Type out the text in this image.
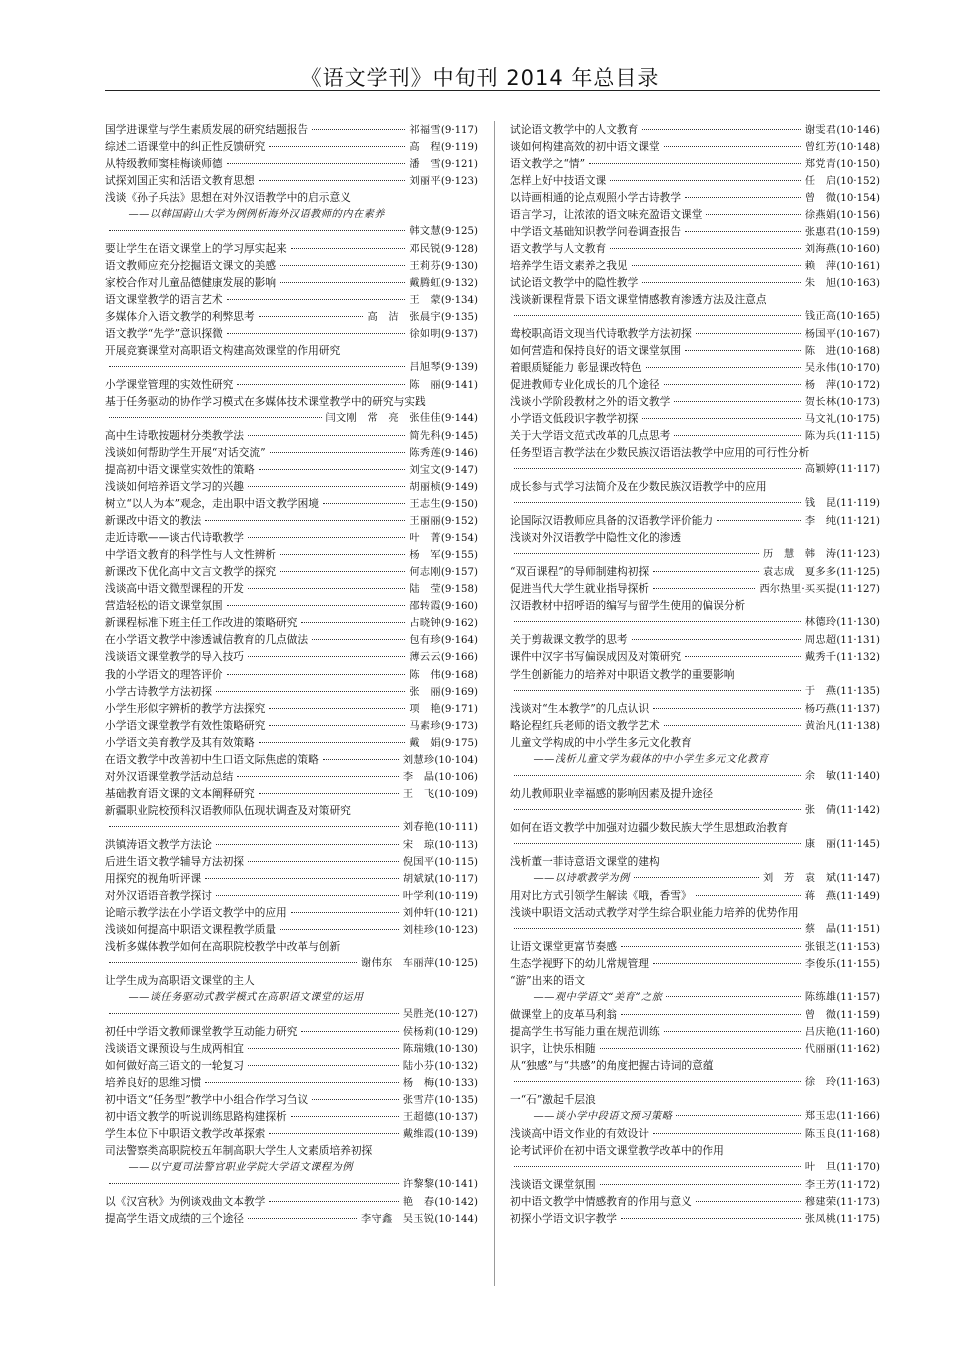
《语文学刊》中旬刊 2014 年总目录
国学进课堂与学生素质发展的研究结题报告	祁福雪 (9·117)
综述二语课堂中的纠正性反馈研究	高　程 (9·119)
从特级教师窦桂梅谈师德	潘　雪 (9·121)
试探刘国正实和活语文教育思想	刘丽平 (9·123)
浅谈《孙子兵法》思想在对外汉语教学中的启示意义
——以韩国蔚山大学为例例析海外汉语教师的内在素养
韩文慧 (9·125)
要让学生在语文课堂上的学习厚实起来	邓民锐 (9·128)
语文教师应充分挖掘语文课文的美感	王莉芬 (9·130)
家校合作对儿童品德健康发展的影响	戴腾虹 (9·132)
语文课堂教学的语言艺术	王　蒙 (9·134)
多媒体介入语文教学的利弊思考	高　洁　张晨宇 (9·135)
语文教学“先学”意识探微	徐如明 (9·137)
开展竞赛课堂对高职语文构建高效课堂的作用研究
吕旭琴 (9·139)
小学课堂管理的实效性研究	陈　丽 (9·141)
基于任务驱动的协作学习模式在多媒体技术课堂教学中的研究与实践
闫文刚　常　亮　张佳佳 (9·144)
高中生诗歌按题材分类教学法	简先科 (9·145)
浅谈如何帮助学生开展“对话交流”	陈秀莲 (9·146)
提高初中语文课堂实效性的策略	刘宝文 (9·147)
浅谈如何培养语文学习的兴趣	胡丽桢 (9·149)
树立“以人为本”观念，走出职中语文教学困境	王志生 (9·150)
新课改中语文的教法	王丽丽 (9·152)
走近诗歌——谈古代诗歌教学	叶　菁 (9·154)
中学语文教育的科学性与人文性辨析	杨　军 (9·155)
新课改下优化高中文言文教学的探究	何志刚 (9·157)
浅谈高中语文微型课程的开发	陆　莹 (9·158)
营造轻松的语文课堂氛围	邵转霞 (9·160)
新课程标准下班主任工作改进的策略研究	占晓钟 (9·162)
在小学语文教学中渗透诚信教育的几点做法	包有珍 (9·164)
浅谈语文课堂教学的导入技巧	薄云云 (9·166)
我的小学语文的理答评价	陈　伟 (9·168)
小学古诗教学方法初探	张　丽 (9·169)
小学生形似字辨析的教学方法探究	项　艳 (9·171)
小学语文课堂教学有效性策略研究	马素珍 (9·173)
小学语文美育教学及其有效策略	戴　娟 (9·175)
在语文教学中改善初中生口语文际焦虑的策略	刘慧珍 (10·104)
对外汉语课堂教学活动总结	李　晶 (10·106)
基础教育语文课的文本阐释研究	王　飞 (10·109)
新疆职业院校预科汉语教师队伍现状调查及对策研究
刘春艳 (10·111)
洪镇涛语文教学方法论	宋　琼 (10·113)
后进生语文教学辅导方法初探	倪国平 (10·115)
用探究的视角听评课	胡斌斌 (10·117)
对外汉语语音教学探讨	叶学利 (10·119)
论暗示教学法在小学语文教学中的应用	刘仲轩 (10·121)
浅谈如何提高中职语文课程教学质量	刘桂珍 (10·123)
浅析多媒体教学如何在高职院校教学中改革与创新
谢伟东　车丽萍 (10·125)
让学生成为高职语文课堂的主人
——谈任务驱动式教学模式在高职语文课堂的运用
吴胜尧 (10·127)
初任中学语文教师课堂教学互动能力研究	侯杨莉 (10·129)
浅谈语文课预设与生成两相宜	陈瑞娥 (10·130)
如何做好高三语文的一轮复习	陆小芬 (10·132)
培养良好的思维习惯	杨　梅 (10·133)
初中语文“任务型”教学中小组合作学习刍议	张雪芹 (10·135)
初中语文教学的听说训练思路构建探析	王超德 (10·137)
学生本位下中职语文教学改革探索	戴维霞 (10·139)
司法警察类高职院校五年制高职大学生人文素质培养初探
——以宁夏司法警官职业学院大学语文课程为例
许黎黎 (10·141)
以《汉宫秋》为例谈戏曲文本教学	艳　春 (10·142)
提高学生语文成绩的三个途径	李守鑫　吴玉锐 (10·144)
试论语文教学中的人文教育	谢雯君 (10·146)
谈如何构建高效的初中语文课堂	曾红芳 (10·148)
语文教学之“情”	郑党青 (10·150)
怎样上好中技语文课	任　启 (10·152)
以诗画相通的论点观照小学古诗教学	曾　微 (10·154)
语言学习，让浓浓的语文味充盈语文课堂	徐燕娟 (10·156)
中学语文基础知识教学问卷调查报告	张惠君 (10·159)
语文教学与人文教育	刘海燕 (10·160)
培养学生语文素养之我见	赖　萍 (10·161)
试论语文教学中的隐性教学	朱　旭 (10·163)
浅谈新课程背景下语文课堂情感教育渗透方法及注意点
钱正高 (10·165)
鸯校职高语文现当代诗歌教学方法初探	杨国平 (10·167)
如何营造和保持良好的语文课堂氛围	陈　进 (10·168)
着眼质疑能力 彰显课改特色	吴永伟 (10·170)
促进教师专业化成长的几个途径	杨　萍 (10·172)
浅谈小学阶段教材之外的语文教学	贺长林 (10·173)
小学语文低段识字教学初探	马文礼 (10·175)
关于大学语文范式改革的几点思考	陈为兵 (11·115)
任务型语言教学法在少数民族汉语语法教学中应用的可行性分析
高颖婷 (11·117)
成长参与式学习法简介及在少数民族汉语教学中的应用
钱　昆 (11·119)
论国际汉语教师应具备的汉语教学评价能力	李　纯 (11·121)
浅谈对外汉语教学中隐性文化的渗透
历　慧　韩　涛 (11·123)
“双百课程”的导师制建构初探	袁志成　夏多多 (11·125)
促进当代大学生就业指导探析	西尔热里·买买提 (11·127)
汉语教材中招呼语的编写与留学生使用的偏误分析
林德玲 (11·130)
关于剪裁课文教学的思考	周忠超 (11·131)
课件中汉字书写偏误成因及对策研究	戴秀千 (11·132)
学生创新能力的培养对中职语文教学的重要影响
于　燕 (11·135)
浅谈对“生本教学”的几点认识	杨巧燕 (11·137)
略论程红兵老师的语文教学艺术	黄治凡 (11·138)
儿童文学构成的中小学生多元文化教育
——浅析儿童文学为载体的中小学生多元文化教育
余　敏 (11·140)
幼儿教师职业幸福感的影响因素及提升途径
张　倩 (11·142)
如何在语文教学中加强对边疆少数民族大学生思想政治教育
康　丽 (11·145)
浅析董一菲诗意语文课堂的建构
——以诗歌教学为例	刘　芳　袁　斌 (11·147)
用对比方式引领学生解读《哦，香雪》	蒋　燕 (11·149)
浅谈中职语文活动式教学对学生综合职业能力培养的优势作用
蔡　晶 (11·151)
让语文课堂更富节奏感	张银芝 (11·153)
生态学视野下的幼儿常规管理	李俊乐 (11·155)
“游”出来的语文
——观中学语文“美育”之旅	陈练雄 (11·157)
做课堂上的皮革马利翁	曾　微 (11·159)
提高学生书写能力重在规范训练	吕庆艳 (11·160)
识字，让快乐相随	代丽丽 (11·162)
从“独感”与“共感”的角度把握古诗词的意蕴
徐　玲 (11·163)
一“石”激起千层浪
——谈小学中段语文预习策略	郑玉忠 (11·166)
浅谈高中语文作业的有效设计	陈玉良 (11·168)
论考试评价在初中语文课堂教学改革中的作用
叶　旦 (11·170)
浅谈语文课堂氛围	李王芳 (11·172)
初中语文教学中情感教育的作用与意义	穆建荣 (11·173)
初探小学语文识字教学	张凤桃 (11·175)
